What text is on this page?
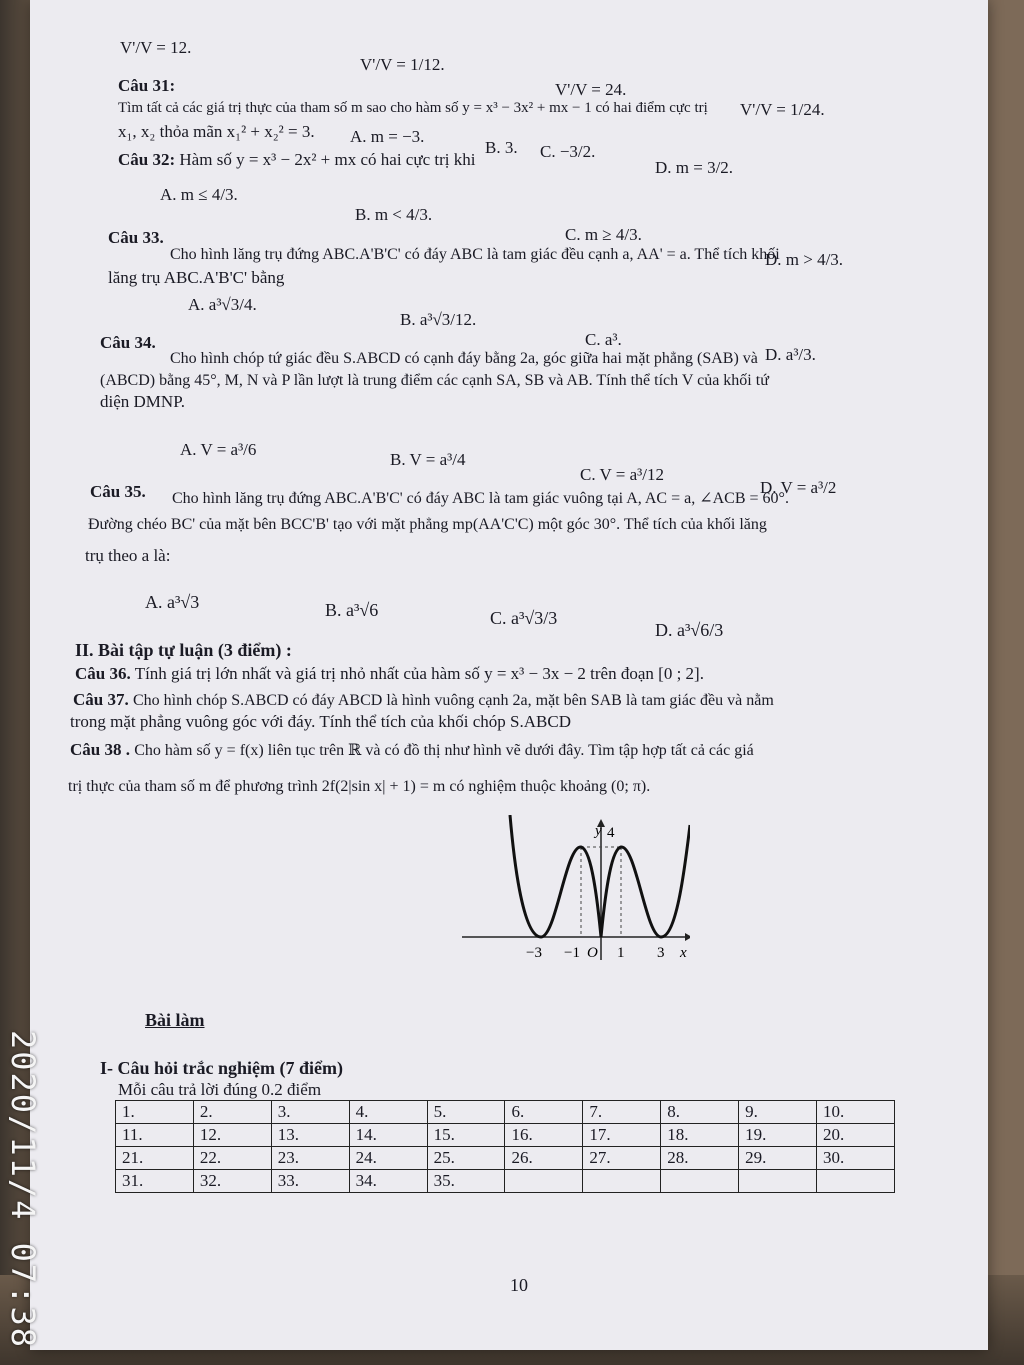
V'/V = 12.
V'/V = 1/12.
V'/V = 24.
V'/V = 1/24.
Câu 31:
Tìm tất cả các giá trị thực của tham số m sao cho hàm số y = x³ − 3x² + mx − 1 có hai điểm cực trị
x₁, x₂ thỏa mãn x₁² + x₂² = 3. A. m = −3.
B. 3. C. −3/2.
D. m = 3/2.
Câu 32: Hàm số y = x³ − 2x² + mx có hai cực trị khi
A. m ≤ 4/3.
B. m < 4/3.
C. m ≥ 4/3.
D. m > 4/3.
Câu 33.
Cho hình lăng trụ đứng ABC.A'B'C' có đáy ABC là tam giác đều cạnh a, AA' = a. Thể tích khối
lăng trụ ABC.A'B'C' bằng
A. a³√3/4.
B. a³√3/12.
C. a³.
D. a³/3.
Câu 34.
Cho hình chóp tứ giác đều S.ABCD có cạnh đáy bằng 2a, góc giữa hai mặt phẳng (SAB) và
(ABCD) bằng 45°, M, N và P lần lượt là trung điểm các cạnh SA, SB và AB. Tính thể tích V của khối tứ
diện DMNP.
A. V = a³/6
B. V = a³/4
C. V = a³/12
D. V = a³/2
Câu 35. Cho hình lăng trụ đứng ABC.A'B'C' có đáy ABC là tam giác vuông tại A, AC = a, ∠ACB = 60°.
Đường chéo BC' của mặt bên BCC'B' tạo với mặt phẳng mp(AA'C'C) một góc 30°. Thể tích của khối lăng
trụ theo a là:
A. a³√3	B. a³√6	C. a³√3/3
D. a³√6/3
II. Bài tập tự luận (3 điểm) :
Câu 36. Tính giá trị lớn nhất và giá trị nhỏ nhất của hàm số y = x³ − 3x − 2 trên đoạn [0 ; 2].
Câu 37. Cho hình chóp S.ABCD có đáy ABCD là hình vuông cạnh 2a, mặt bên SAB là tam giác đều và nằm
trong mặt phẳng vuông góc với đáy. Tính thể tích của khối chóp S.ABCD
Câu 38 . Cho hàm số y = f(x) liên tục trên ℝ và có đồ thị như hình vẽ dưới đây. Tìm tập hợp tất cả các giá
trị thực của tham số m để phương trình 2f(2|sin x| + 1) = m có nghiệm thuộc khoảng (0; π).
y 4
x
−3 −1 O 1 3
Bài làm
I- Câu hỏi trắc nghiệm (7 điểm)
Mỗi câu trả lời đúng 0.2 điểm
1.	2.	3.	4.	5.	6.	7.	8.	9.	10.
11.	12.	13.	14.	15.	16.	17.	18.	19.	20.
21.	22.	23.	24.	25.	26.	27.	28.	29.	30.
31.	32.	33.	34.	35.					
10
2020/11/4 07:38
